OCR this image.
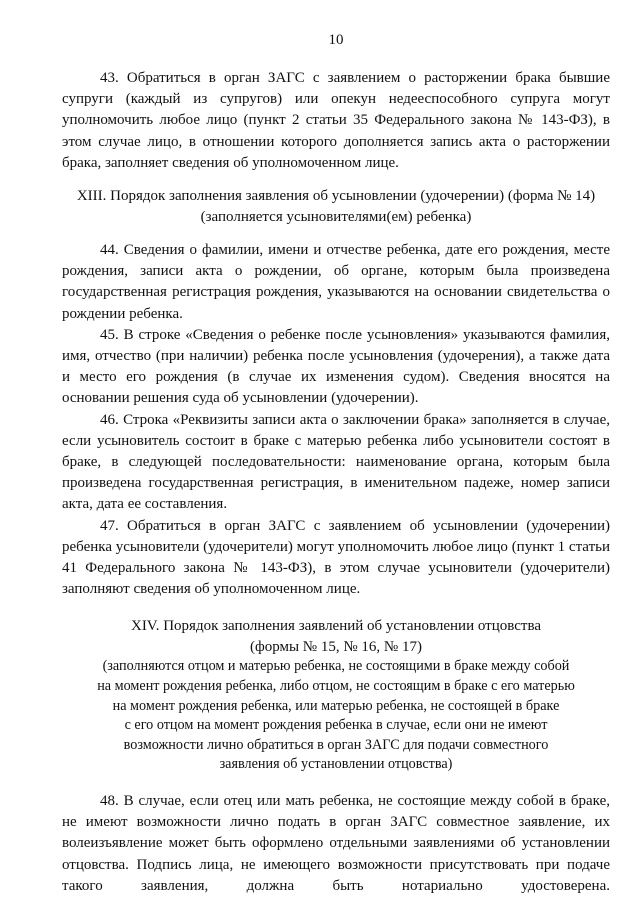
10

43. Обратиться в орган ЗАГС с заявлением о расторжении брака бывшие супруги (каждый из супругов) или опекун недееспособного супруга могут уполномочить любое лицо (пункт 2 статьи 35 Федерального закона № 143-ФЗ), в этом случае лицо, в отношении которого дополняется запись акта о расторжении брака, заполняет сведения об уполномоченном лице.

XIII. Порядок заполнения заявления об усыновлении (удочерении) (форма № 14)
(заполняется усыновителями(ем) ребенка)

44. Сведения о фамилии, имени и отчестве ребенка, дате его рождения, месте рождения, записи акта о рождении, об органе, которым была произведена государственная регистрация рождения, указываются на основании свидетельства о рождении ребенка.

45. В строке «Сведения о ребенке после усыновления» указываются фамилия, имя, отчество (при наличии) ребенка после усыновления (удочерения), а также дата и место его рождения (в случае их изменения судом). Сведения вносятся на основании решения суда об усыновлении (удочерении).

46. Строка «Реквизиты записи акта о заключении брака» заполняется в случае, если усыновитель состоит в браке с матерью ребенка либо усыновители состоят в браке, в следующей последовательности: наименование органа, которым была произведена государственная регистрация, в именительном падеже, номер записи акта, дата ее составления.

47. Обратиться в орган ЗАГС с заявлением об усыновлении (удочерении) ребенка усыновители (удочерители) могут уполномочить любое лицо (пункт 1 статьи 41 Федерального закона № 143-ФЗ), в этом случае усыновители (удочерители) заполняют сведения об уполномоченном лице.

XIV. Порядок заполнения заявлений об установлении отцовства
(формы № 15, № 16, № 17)
(заполняются отцом и матерью ребенка, не состоящими в браке между собой
на момент рождения ребенка, либо отцом, не состоящим в браке с его матерью
на момент рождения ребенка, или матерью ребенка, не состоящей в браке
с его отцом на момент рождения ребенка в случае, если они не имеют
возможности лично обратиться в орган ЗАГС для подачи совместного
заявления об установлении отцовства)

48. В случае, если отец или мать ребенка, не состоящие между собой в браке, не имеют возможности лично подать в орган ЗАГС совместное заявление, их волеизъявление может быть оформлено отдельными заявлениями об установлении отцовства. Подпись лица, не имеющего возможности присутствовать при подаче такого заявления, должна быть нотариально удостоверена.
